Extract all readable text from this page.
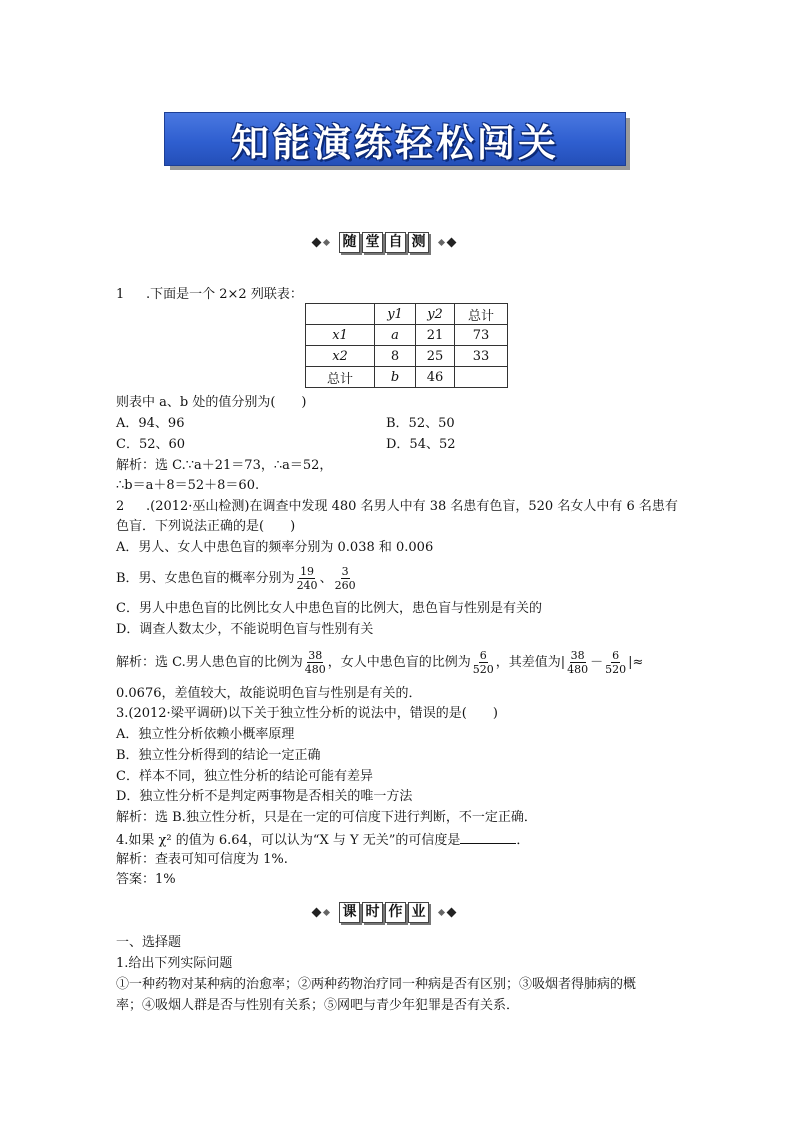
知能演练轻松闯关
随 堂 自 测
1 .下面是一个 2×2 列联表：
	y1	y2	总计
x1	a	21	73
x2	8	25	33
总计	b	46	
则表中 a、b 处的值分别为(　　)
A．94、96	B．52、50
C．52、60	D．54、52
解析：选 C.∵a＋21＝73，∴a＝52，
∴b＝a＋8＝52＋8＝60.
2 .(2012·巫山检测)在调查中发现 480 名男人中有 38 名患有色盲，520 名女人中有 6 名患有
色盲．下列说法正确的是(　　)
A．男人、女人中患色盲的频率分别为 0.038 和 0.006
B．男、女患色盲的概率分别为 $\frac{19}{240}$ 、 $\frac{3}{260}$
C．男人中患色盲的比例比女人中患色盲的比例大，患色盲与性别是有关的
D．调查人数太少，不能说明色盲与性别有关
解析：选 C.男人患色盲的比例为 $\frac{38}{480}$ ，女人中患色盲的比例为 $\frac{6}{520}$ ，其差值为| $\frac{38}{480} - \frac{6}{520}$ |≈
0.0676，差值较大，故能说明色盲与性别是有关的．
3.(2012·梁平调研)以下关于独立性分析的说法中，错误的是(　　)
A．独立性分析依赖小概率原理
B．独立性分析得到的结论一定正确
C．样本不同，独立性分析的结论可能有差异
D．独立性分析不是判定两事物是否相关的唯一方法
解析：选 B.独立性分析，只是在一定的可信度下进行判断，不一定正确．
4.如果 χ² 的值为 6.64，可以认为“X 与 Y 无关”的可信度是	．
解析：查表可知可信度为 1%.
答案：1%
课 时 作 业
一、选择题
1.给出下列实际问题
①一种药物对某种病的治愈率；②两种药物治疗同一种病是否有区别；③吸烟者得肺病的概
率；④吸烟人群是否与性别有关系；⑤网吧与青少年犯罪是否有关系．
